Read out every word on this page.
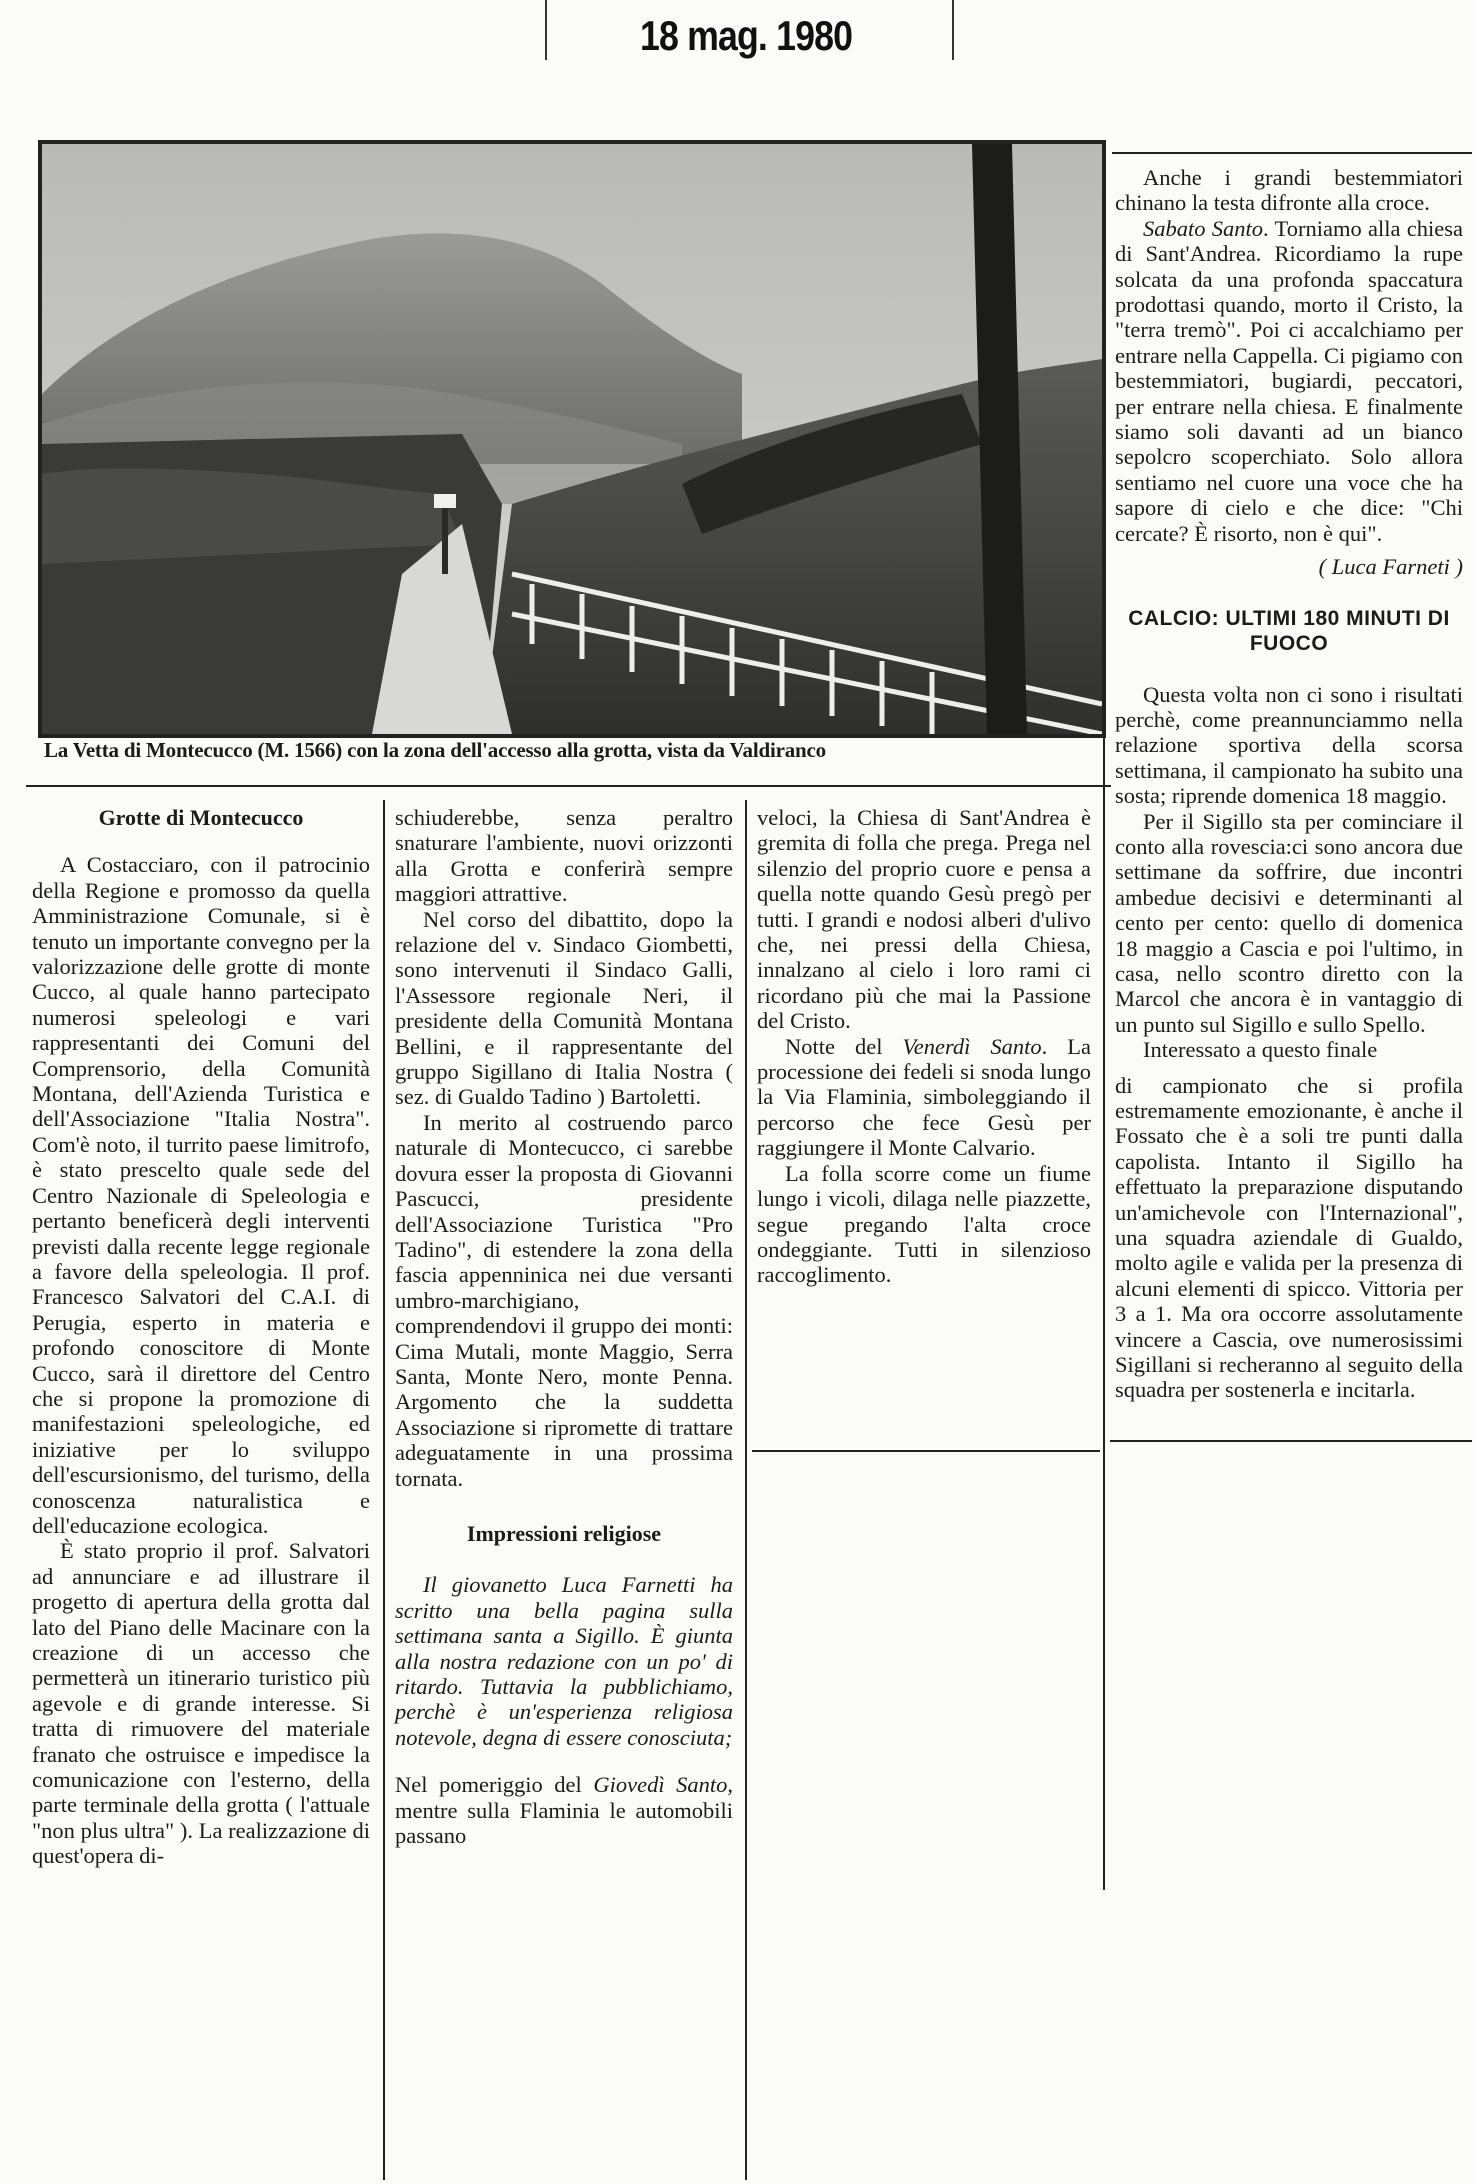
18 mag. 1980
La Vetta di Montecucco (M. 1566) con la zona dell'accesso alla grotta, vista da Valdiranco
Grotte di Montecucco

A Costacciaro, con il patrocinio della Regione e promosso da quella Amministrazione Comunale, si è tenuto un importante convegno per la valorizzazione delle grotte di monte Cucco, al quale hanno partecipato numerosi speleologi e vari rappresentanti dei Comuni del Comprensorio, della Comunità Montana, dell'Azienda Turistica e dell'Associazione "Italia Nostra". Com'è noto, il turrito paese limitrofo, è stato prescelto quale sede del Centro Nazionale di Speleologia e pertanto beneficerà degli interventi previsti dalla recente legge regionale a favore della speleologia. Il prof. Francesco Salvatori del C.A.I. di Perugia, esperto in materia e profondo conoscitore di Monte Cucco, sarà il direttore del Centro che si propone la promozione di manifestazioni speleologiche, ed iniziative per lo sviluppo dell'escursionismo, del turismo, della conoscenza naturalistica e dell'educazione ecologica.

È stato proprio il prof. Salvatori ad annunciare e ad illustrare il progetto di apertura della grotta dal lato del Piano delle Macinare con la creazione di un accesso che permetterà un itinerario turistico più agevole e di grande interesse. Si tratta di rimuovere del materiale franato che ostruisce e impedisce la comunicazione con l'esterno, della parte terminale della grotta ( l'attuale "non plus ultra" ). La realizzazione di quest'opera di-

schiuderebbe, senza peraltro snaturare l'ambiente, nuovi orizzonti alla Grotta e conferirà sempre maggiori attrattive.

Nel corso del dibattito, dopo la relazione del v. Sindaco Giombetti, sono intervenuti il Sindaco Galli, l'Assessore regionale Neri, il presidente della Comunità Montana Bellini, e il rappresentante del gruppo Sigillano di Italia Nostra ( sez. di Gualdo Tadino ) Bartoletti.

In merito al costruendo parco naturale di Montecucco, ci sarebbe dovura esser la proposta di Giovanni Pascucci, presidente dell'Associazione Turistica "Pro Tadino", di estendere la zona della fascia appenninica nei due versanti umbro-marchigiano, comprendendovi il gruppo dei monti: Cima Mutali, monte Maggio, Serra Santa, Monte Nero, monte Penna. Argomento che la suddetta Associazione si ripromette di trattare adeguatamente in una prossima tornata.

Impressioni religiose

Il giovanetto Luca Farnetti ha scritto una bella pagina sulla settimana santa a Sigillo. È giunta alla nostra redazione con un po' di ritardo. Tuttavia la pubblichiamo, perchè è un'esperienza religiosa notevole, degna di essere conosciuta;

Nel pomeriggio del Giovedì Santo, mentre sulla Flaminia le automobili passano

veloci, la Chiesa di Sant'Andrea è gremita di folla che prega. Prega nel silenzio del proprio cuore e pensa a quella notte quando Gesù pregò per tutti. I grandi e nodosi alberi d'ulivo che, nei pressi della Chiesa, innalzano al cielo i loro rami ci ricordano più che mai la Passione del Cristo.

Notte del Venerdì Santo. La processione dei fedeli si snoda lungo la Via Flaminia, simboleggiando il percorso che fece Gesù per raggiungere il Monte Calvario.

La folla scorre come un fiume lungo i vicoli, dilaga nelle piazzette, segue pregando l'alta croce ondeggiante. Tutti in silenzioso raccoglimento.

Anche i grandi bestemmiatori chinano la testa difronte alla croce.

Sabato Santo. Torniamo alla chiesa di Sant'Andrea. Ricordiamo la rupe solcata da una profonda spaccatura prodottasi quando, morto il Cristo, la "terra tremò". Poi ci accalchiamo per entrare nella Cappella. Ci pigiamo con bestemmiatori, bugiardi, peccatori, per entrare nella chiesa. E finalmente siamo soli davanti ad un bianco sepolcro scoperchiato. Solo allora sentiamo nel cuore una voce che ha sapore di cielo e che dice: "Chi cercate? È risorto, non è qui".

( Luca Farneti )
CALCIO: ULTIMI 180 MINUTI DI FUOCO

Questa volta non ci sono i risultati perchè, come preannunciammo nella relazione sportiva della scorsa settimana, il campionato ha subito una sosta; riprende domenica 18 maggio.

Per il Sigillo sta per cominciare il conto alla rovescia:ci sono ancora due settimane da soffrire, due incontri ambedue decisivi e determinanti al cento per cento: quello di domenica 18 maggio a Cascia e poi l'ultimo, in casa, nello scontro diretto con la Marcol che ancora è in vantaggio di un punto sul Sigillo e sullo Spello.

Interessato a questo finale

di campionato che si profila estremamente emozionante, è anche il Fossato che è a soli tre punti dalla capolista. Intanto il Sigillo ha effettuato la preparazione disputando un'amichevole con l'Internazional", una squadra aziendale di Gualdo, molto agile e valida per la presenza di alcuni elementi di spicco. Vittoria per 3 a 1. Ma ora occorre assolutamente vincere a Cascia, ove numerosissimi Sigillani si recheranno al seguito della squadra per sostenerla e incitarla.
